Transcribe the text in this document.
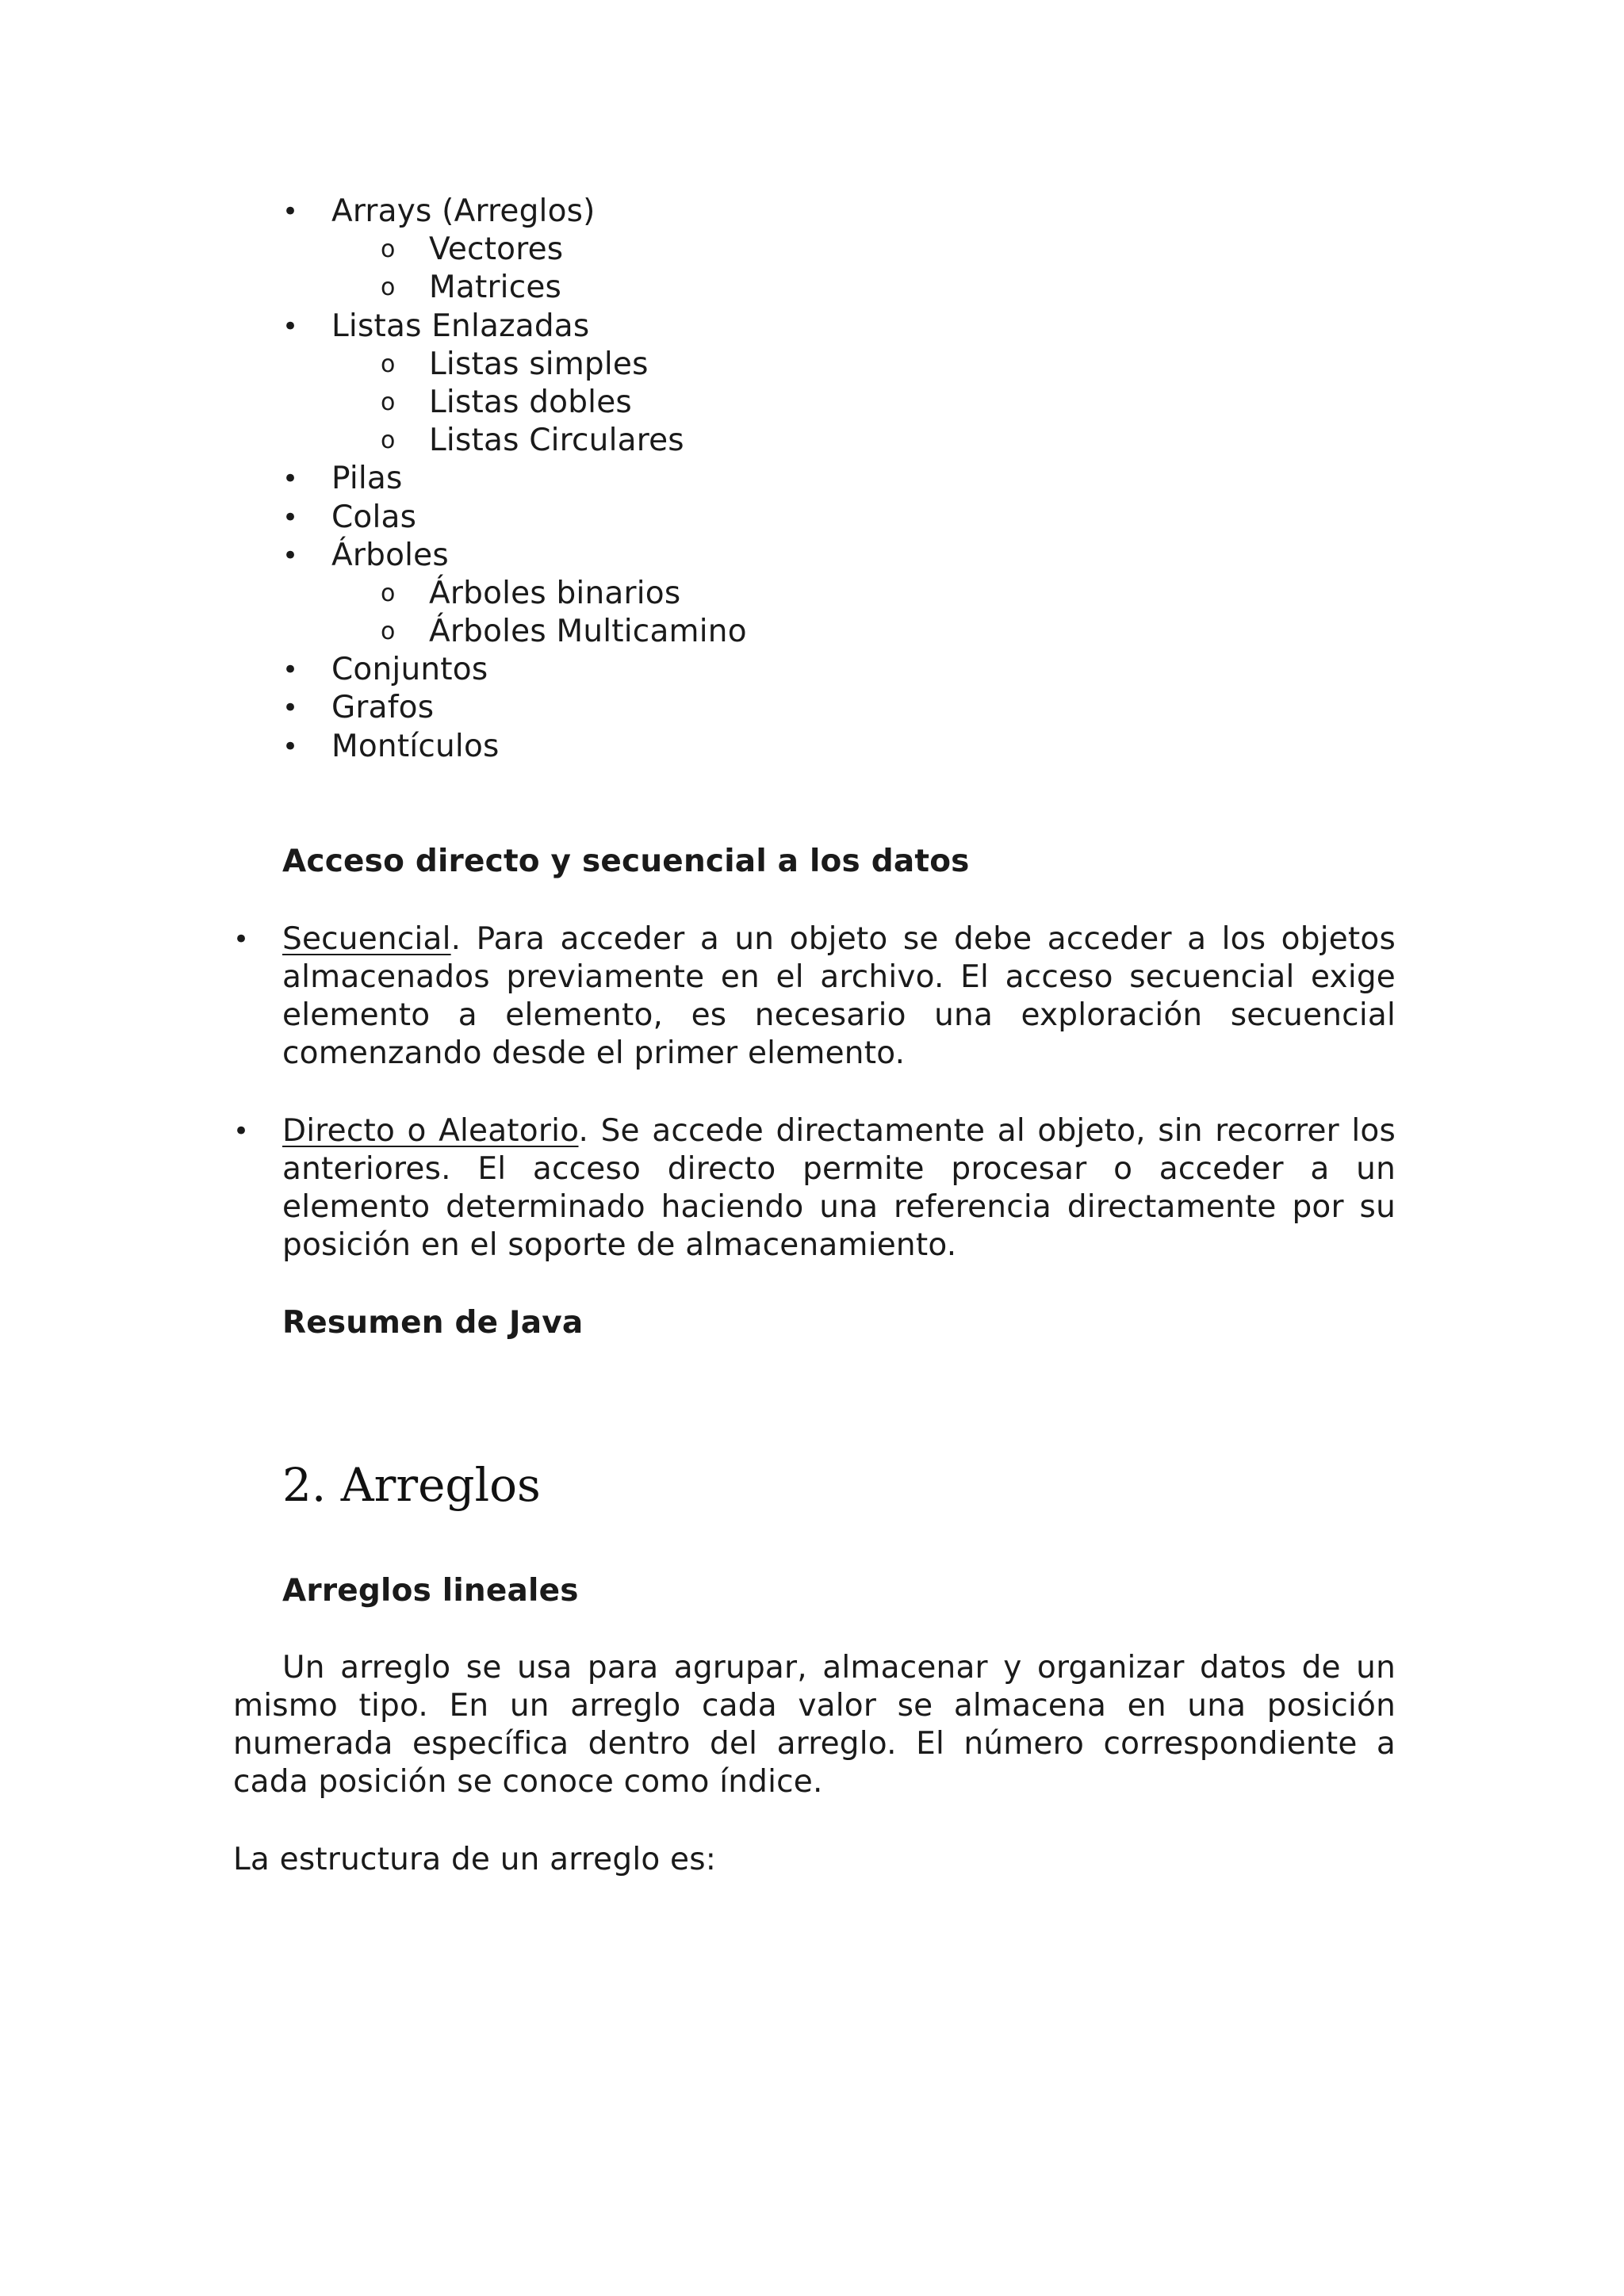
• Arrays (Arreglos)
o Vectores
o Matrices
• Listas Enlazadas
o Listas simples
o Listas dobles
o Listas Circulares
• Pilas
• Colas
• Árboles
o Árboles binarios
o Árboles Multicamino
• Conjuntos
• Grafos
• Montículos
Acceso directo y secuencial a los datos
• Secuencial. Para acceder a un objeto se debe acceder a los objetos almacenados previamente en el archivo. El acceso secuencial exige elemento a elemento, es necesario una exploración secuencial comenzando desde el primer elemento.
• Directo o Aleatorio. Se accede directamente al objeto, sin recorrer los anteriores. El acceso directo permite procesar o acceder a un elemento determinado haciendo una referencia directamente por su posición en el soporte de almacenamiento.
Resumen de Java
2. Arreglos
Arreglos lineales
Un arreglo se usa para agrupar, almacenar y organizar datos de un mismo tipo. En un arreglo cada valor se almacena en una posición numerada específica dentro del arreglo. El número correspondiente a cada posición se conoce como índice.
La estructura de un arreglo es:
